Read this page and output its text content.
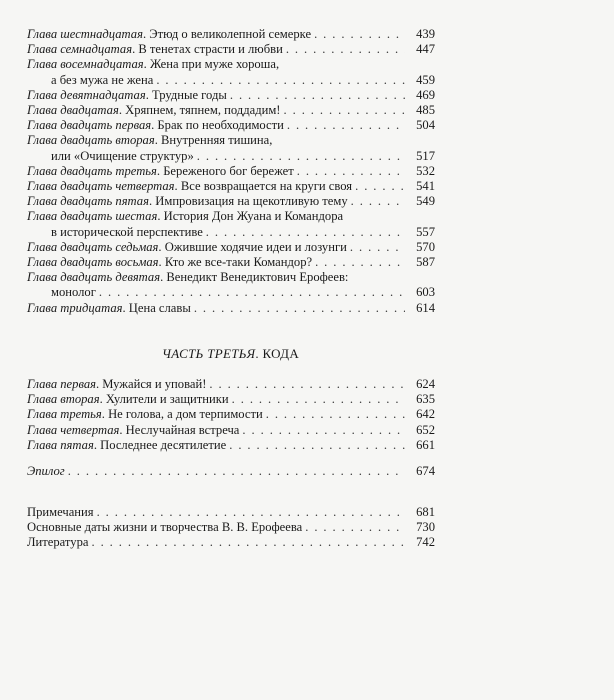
Глава шестнадцатая. Этюд о великолепной семерке . . .	439
Глава семнадцатая. В тенетах страсти и любви . . .	447
Глава восемнадцатая. Жена при муже хороша,
а без мужа не жена . . .	459
Глава девятнадцатая. Трудные годы . . .	469
Глава двадцатая. Хряпнем, тяпнем, поддадим! . . .	485
Глава двадцать первая. Брак по необходимости . . .	504
Глава двадцать вторая. Внутренняя тишина,
или «Очищение структур» . . .	517
Глава двадцать третья. Береженого бог бережет . . .	532
Глава двадцать четвертая. Все возвращается на круги своя . . .	541
Глава двадцать пятая. Импровизация на щекотливую тему . . .	549
Глава двадцать шестая. История Дон Жуана и Командора
в исторической перспективе . . .	557
Глава двадцать седьмая. Ожившие ходячие идеи и лозунги . . .	570
Глава двадцать восьмая. Кто же все-таки Командор? . . .	587
Глава двадцать девятая. Венедикт Венедиктович Ерофеев:
монолог . . .	603
Глава тридцатая. Цена славы . . .	614
ЧАСТЬ ТРЕТЬЯ. КОДА
Глава первая. Мужайся и уповай! . . .	624
Глава вторая. Хулители и защитники . . .	635
Глава третья. Не голова, а дом терпимости . . .	642
Глава четвертая. Неслучайная встреча . . .	652
Глава пятая. Последнее десятилетие . . .	661
Эпилог . . .	674
Примечания . . .	681
Основные даты жизни и творчества В. В. Ерофеева . . .	730
Литература . . .	742
